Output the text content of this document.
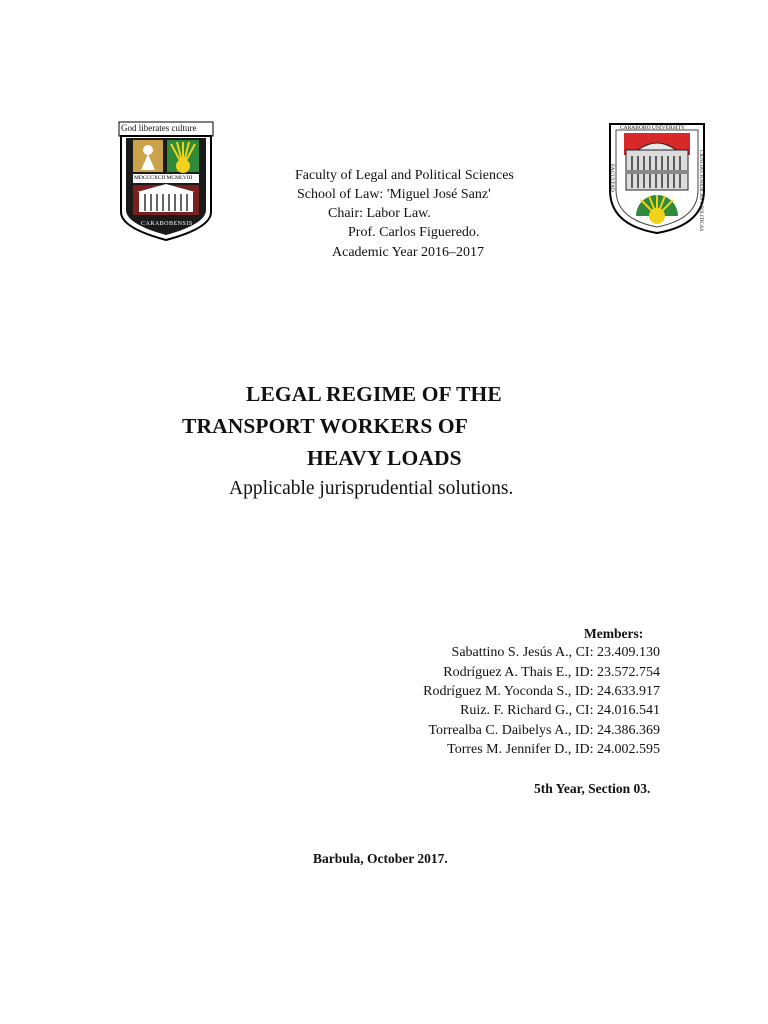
God liberates culture
MDCCCXCII MCMLVIII
UNIVERSITAS	CARABOBENSIS
CARABOBO UNIVERSITY
FACULTAD	CIENCIAS JURIDICAS Y POLITICAS
Faculty of Legal and Political Sciences
School of Law: 'Miguel José Sanz'
Chair: Labor Law.
Prof. Carlos Figueredo.
Academic Year 2016–2017
LEGAL REGIME OF THE
TRANSPORT WORKERS OF
HEAVY LOADS
Applicable jurisprudential solutions.
Members:
Sabattino S. Jesús A., CI: 23.409.130
Rodríguez A. Thais E., ID: 23.572.754
Rodríguez M. Yoconda S., ID: 24.633.917
Ruiz. F. Richard G., CI: 24.016.541
Torrealba C. Daibelys A., ID: 24.386.369
Torres M. Jennifer D., ID: 24.002.595
5th Year, Section 03.
Barbula, October 2017.
